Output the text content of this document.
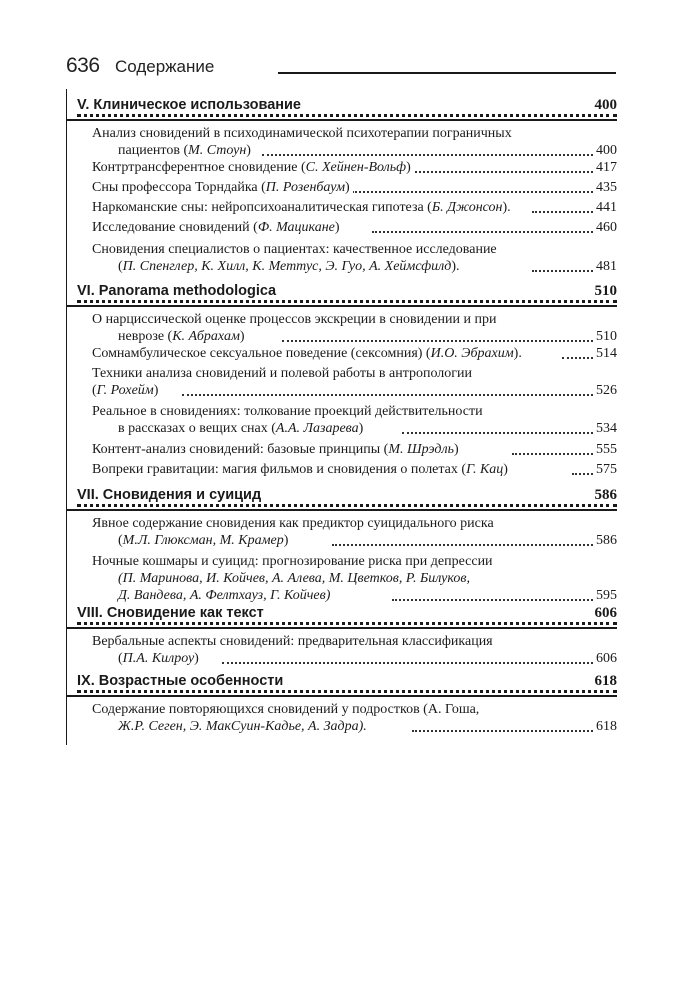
636 Содержание
V. Клиническое использование	400
Анализ сновидений в психодинамической психотерапии пограничных
пациентов (М. Стоун)	400
Контртрансферентное сновидение (С. Хейнен-Вольф)	417
Сны профессора Торндайка (П. Розенбаум)	435
Наркоманские сны: нейропсихоаналитическая гипотеза (Б. Джонсон).	441
Исследование сновидений (Ф. Мацикане)	460
Сновидения специалистов о пациентах: качественное исследование
(П. Спенглер, К. Хилл, К. Меттус, Э. Гуо, А. Хеймсфилд).	481
VI. Panorama methodologica	510
О нарциссической оценке процессов экскреции в сновидении и при
неврозе (К. Абрахам)	510
Сомнамбулическое сексуальное поведение (сексомния) (И.О. Эбрахим).	514
Техники анализа сновидений и полевой работы в антропологии
(Г. Рохейм)	526
Реальное в сновидениях: толкование проекций действительности
в рассказах о вещих снах (А.А. Лазарева)	534
Контент-анализ сновидений: базовые принципы (М. Шрэдль)	555
Вопреки гравитации: магия фильмов и сновидения о полетах (Г. Кац)	575
VII. Сновидения и суицид	586
Явное содержание сновидения как предиктор суицидального риска
(М.Л. Глюксман, М. Крамер)	586
Ночные кошмары и суицид: прогнозирование риска при депрессии
(П. Маринова, И. Койчев, А. Алева, М. Цветков, Р. Билуков,
Д. Вандева, А. Фелтхауз, Г. Койчев)	595
VIII. Сновидение как текст	606
Вербальные аспекты сновидений: предварительная классификация
(П.А. Килроу)	606
IX. Возрастные особенности	618
Содержание повторяющихся сновидений у подростков (А. Гоша,
Ж.Р. Сеген, Э. МакСуин-Кадье, А. Задра).	618
